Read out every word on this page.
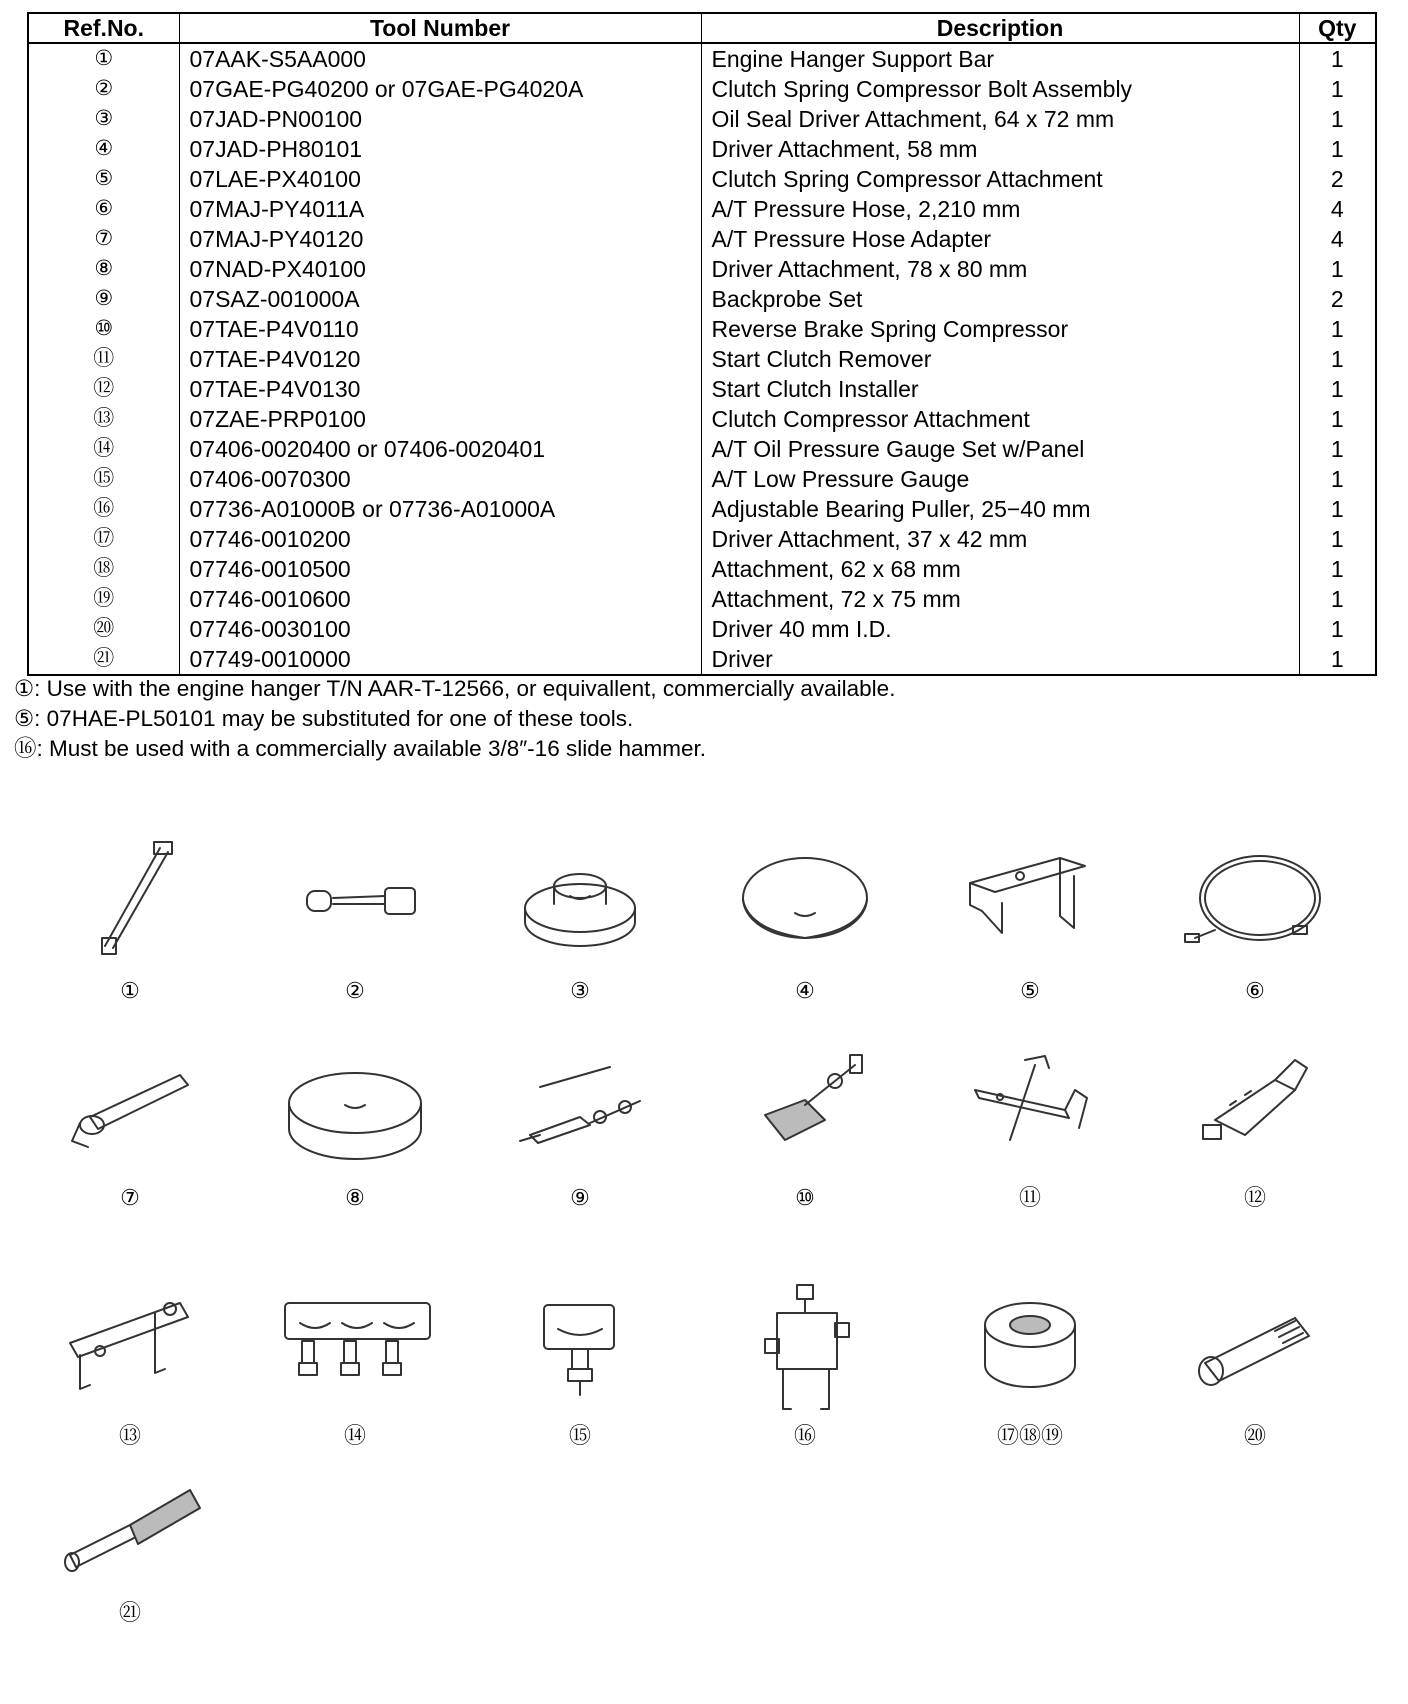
Ref.No.	Tool Number	Description	Qty
①	07AAK-S5AA000	Engine Hanger Support Bar	1
②	07GAE-PG40200 or 07GAE-PG4020A	Clutch Spring Compressor Bolt Assembly	1
③	07JAD-PN00100	Oil Seal Driver Attachment, 64 x 72 mm	1
④	07JAD-PH80101	Driver Attachment, 58 mm	1
⑤	07LAE-PX40100	Clutch Spring Compressor Attachment	2
⑥	07MAJ-PY4011A	A/T Pressure Hose, 2,210 mm	4
⑦	07MAJ-PY40120	A/T Pressure Hose Adapter	4
⑧	07NAD-PX40100	Driver Attachment, 78 x 80 mm	1
⑨	07SAZ-001000A	Backprobe Set	2
⑩	07TAE-P4V0110	Reverse Brake Spring Compressor	1
⑪	07TAE-P4V0120	Start Clutch Remover	1
⑫	07TAE-P4V0130	Start Clutch Installer	1
⑬	07ZAE-PRP0100	Clutch Compressor Attachment	1
⑭	07406-0020400 or 07406-0020401	A/T Oil Pressure Gauge Set w/Panel	1
⑮	07406-0070300	A/T Low Pressure Gauge	1
⑯	07736-A01000B or 07736-A01000A	Adjustable Bearing Puller, 25−40 mm	1
⑰	07746-0010200	Driver Attachment, 37 x 42 mm	1
⑱	07746-0010500	Attachment, 62 x 68 mm	1
⑲	07746-0010600	Attachment, 72 x 75 mm	1
⑳	07746-0030100	Driver 40 mm I.D.	1
㉑	07749-0010000	Driver	1
①: Use with the engine hanger T/N AAR-T-12566, or equivallent, commercially available.
⑤: 07HAE-PL50101 may be substituted for one of these tools.
⑯: Must be used with a commercially available 3/8″-16 slide hammer.
①	②	③	④	⑤	⑥
⑦	⑧	⑨	⑩	⑪	⑫
⑬	⑭	⑮	⑯	⑰⑱⑲	⑳
㉑
